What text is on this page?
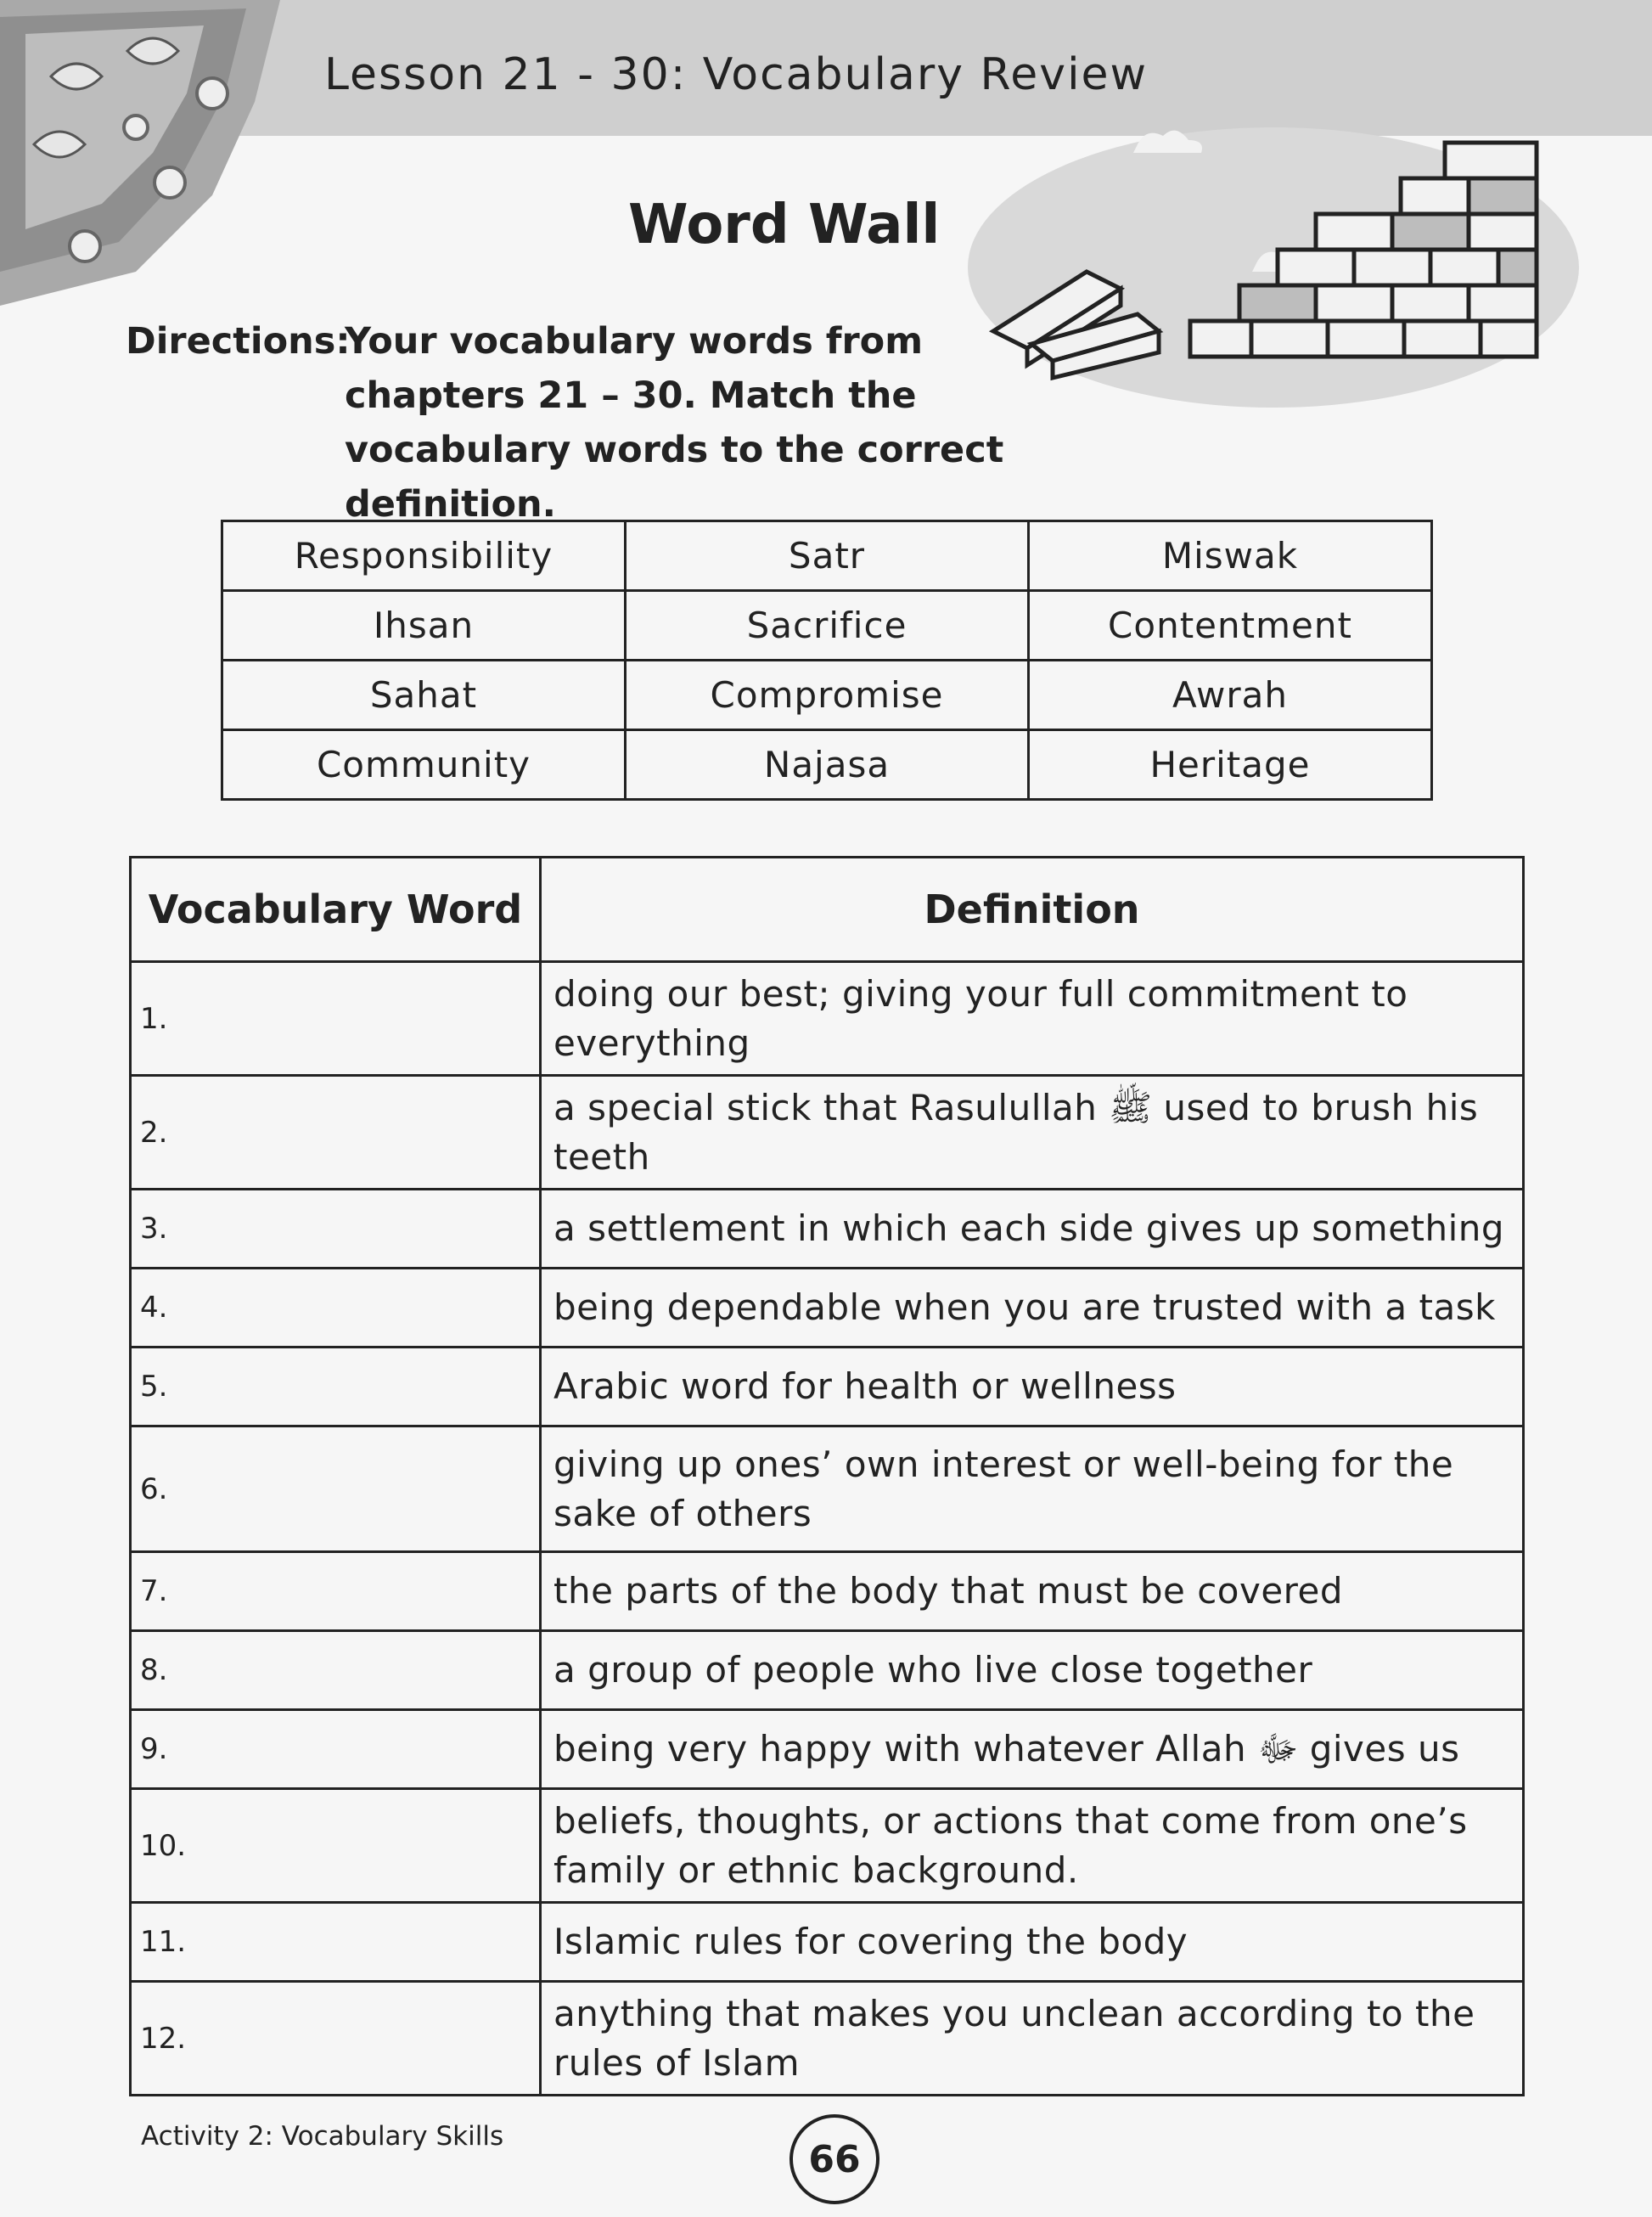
Lesson 21 - 30: Vocabulary Review
Word Wall
Directions:Your vocabulary words from
chapters 21 – 30. Match the
vocabulary words to the correct definition.
Responsibility	Satr	Miswak
Ihsan	Sacrifice	Contentment
Sahat	Compromise	Awrah
Community	Najasa	Heritage
Vocabulary Word	Definition
1.	doing our best; giving your full commitment to everything
2.	a special stick that Rasulullah ﷺ used to brush his teeth
3.	a settlement in which each side gives up something
4.	being dependable when you are trusted with a task
5.	Arabic word for health or wellness
6.	giving up ones’ own interest or well-being for the sake of others
7.	the parts of the body that must be covered
8.	a group of people who live close together
9.	being very happy with whatever Allah ﷻ gives us
10.	beliefs, thoughts, or actions that come from one’s family or ethnic background.
11.	Islamic rules for covering the body
12.	anything that makes you unclean according to the rules of Islam
Activity 2: Vocabulary Skills
66
